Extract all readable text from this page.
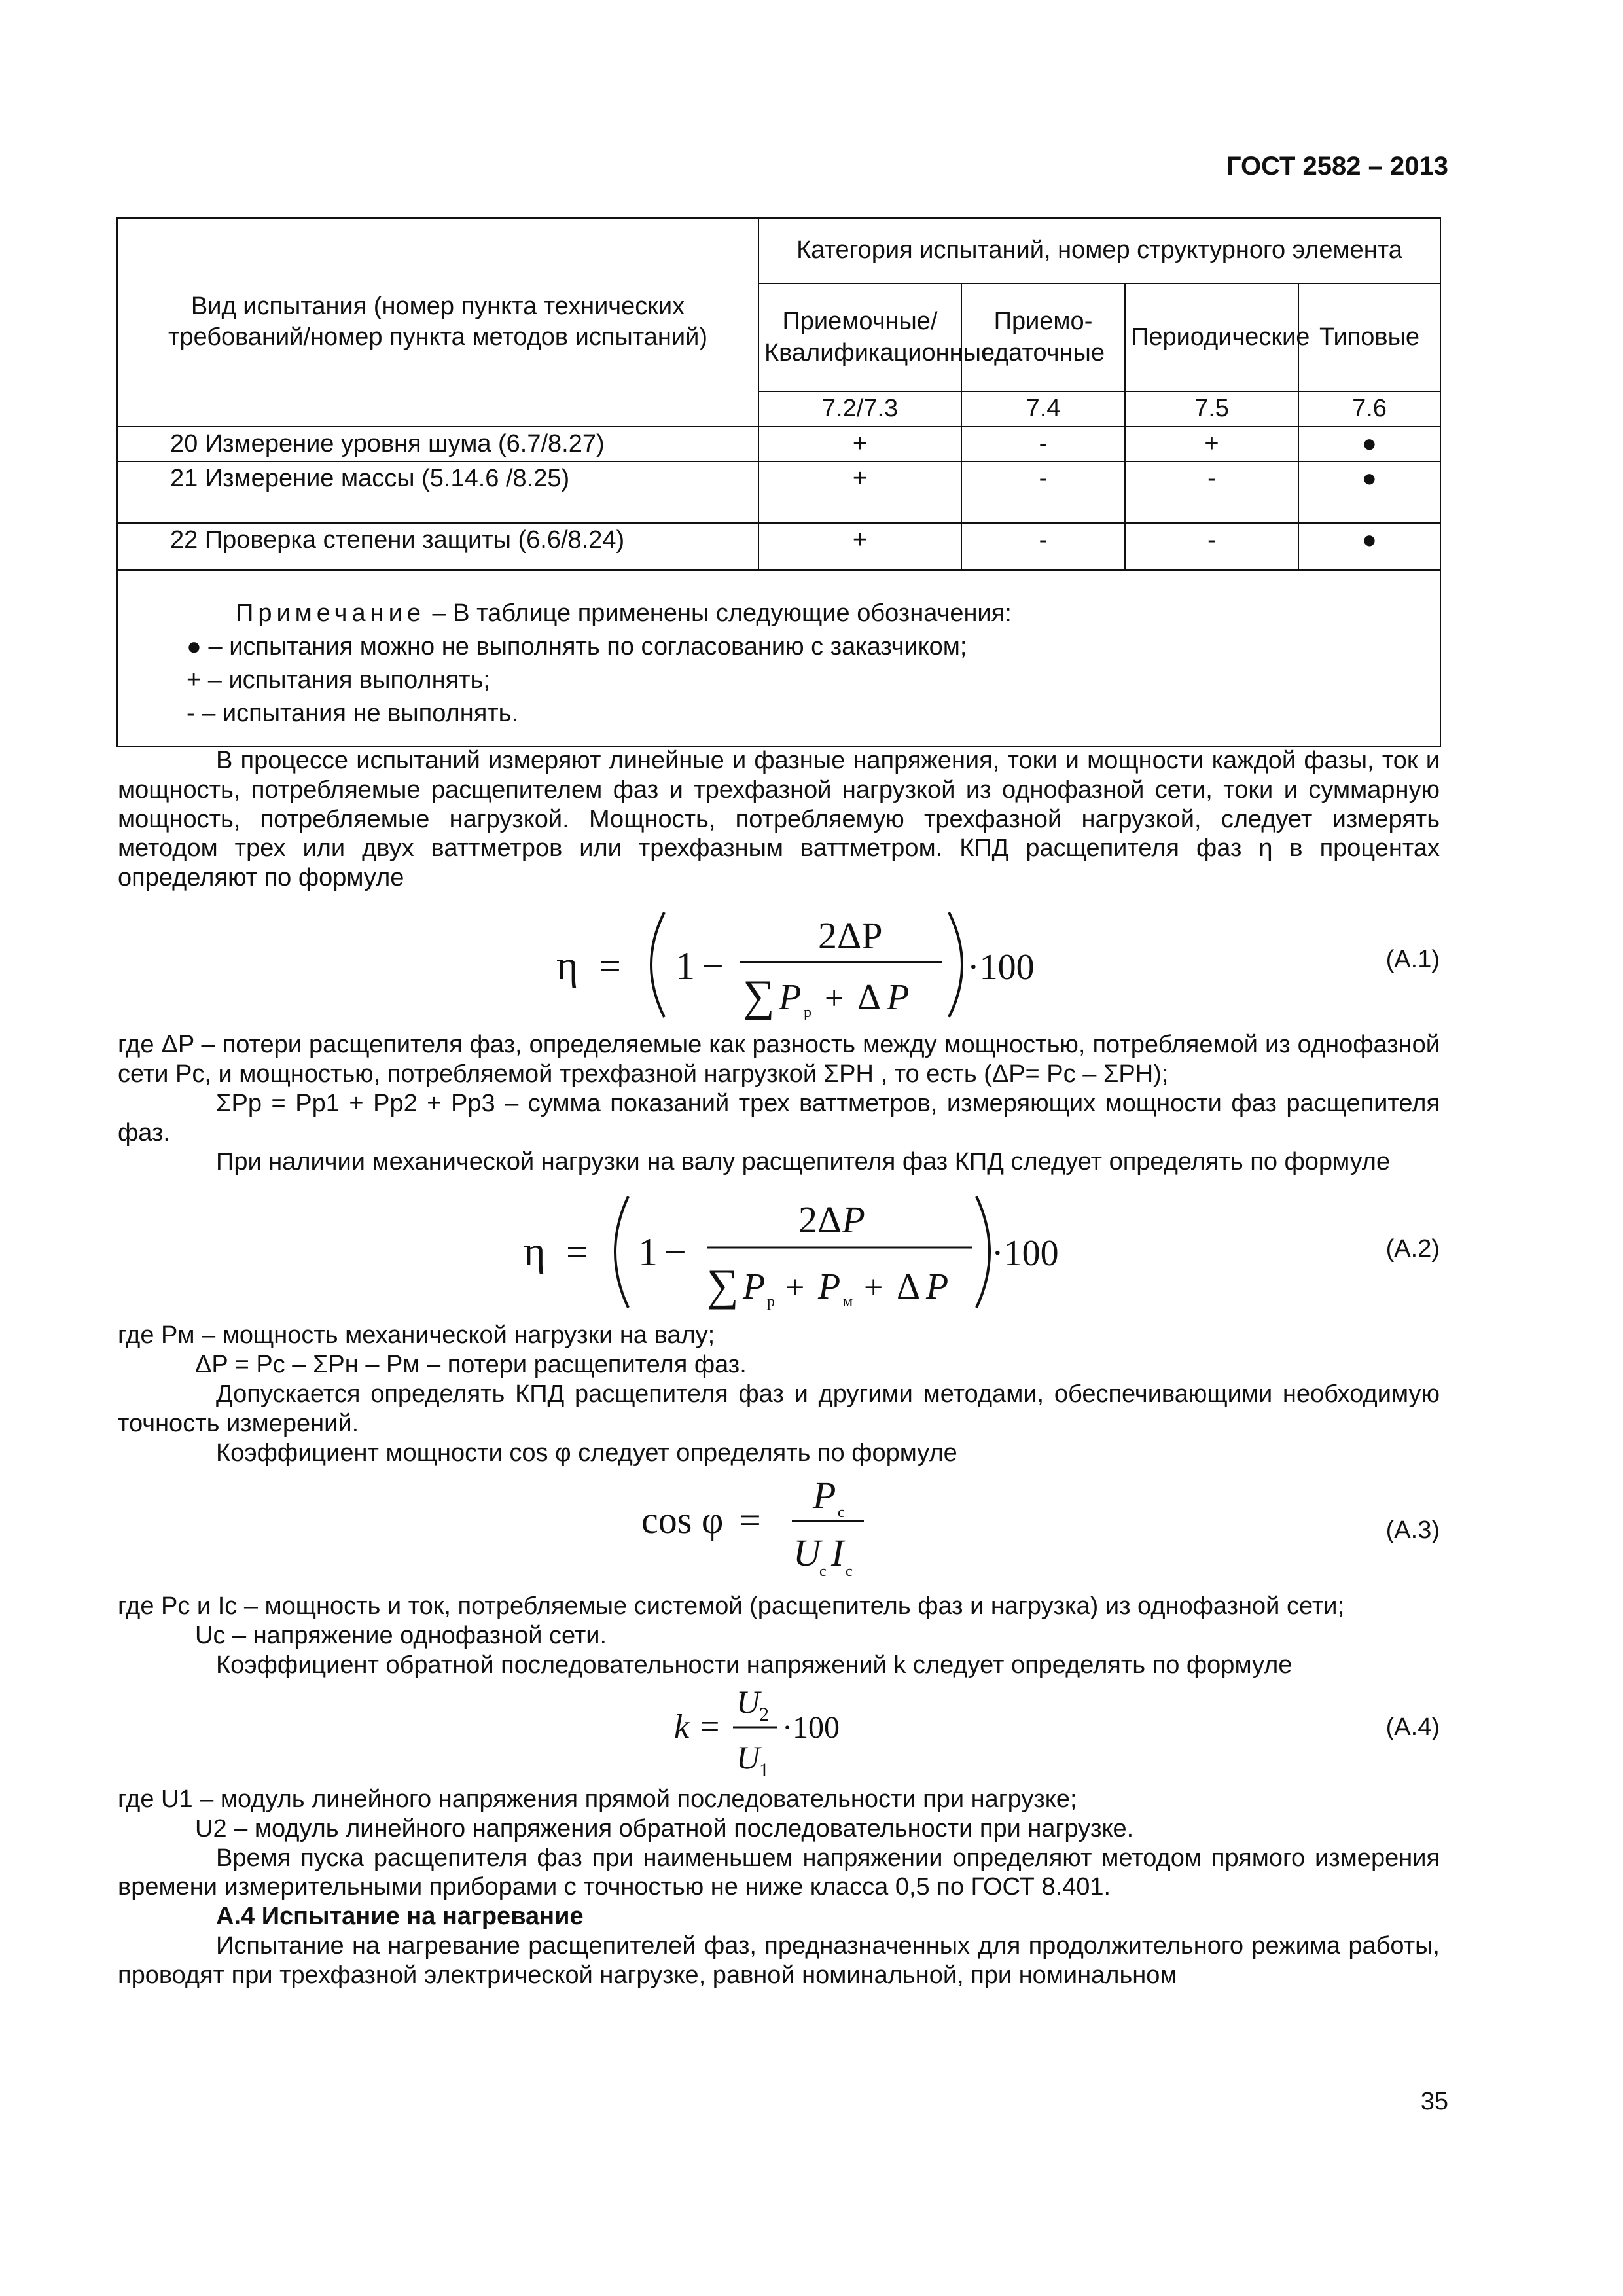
ГОСТ 2582 – 2013
Вид испытания (номер пункта технических требований/номер пункта методов испытаний)	Категория испытаний, номер структурного элемента			
	Приемочные/Квалификационные	Приемо-сдаточные	Периодические	Типовые
	7.2/7.3	7.4	7.5	7.6
20 Измерение уровня шума (6.7/8.27)	+	-	+	●
21 Измерение массы (5.14.6 /8.25)	+	-	-	●
22 Проверка степени защиты (6.6/8.24)	+	-	-	●

Примечание – В таблице применены следующие обозначения:
● – испытания можно не выполнять по согласованию с заказчиком;
+ – испытания выполнять;
- – испытания не выполнять.				
В процессе испытаний измеряют линейные и фазные напряжения, токи и мощности каждой фазы, ток и мощность, потребляемые расщепителем фаз и трехфазной нагрузкой из однофазной сети, токи и суммарную мощность, потребляемые нагрузкой. Мощность, потребляемую трехфазной нагрузкой, следует измерять методом трех или двух ваттметров или трехфазным ваттметром. КПД расщепителя фаз η в процентах определяют по формуле
η = 1 −
2ΔP
∑ P р + Δ P
·100	(А.1)
где ΔP – потери расщепителя фаз, определяемые как разность между мощностью, потребляемой из однофазной сети Pс, и мощностью, потребляемой трехфазной нагрузкой ΣPН , то есть (ΔP= Pс – ΣPН);
ΣPр = Pр1 + Pр2 + Pр3 – сумма показаний трех ваттметров, измеряющих мощности фаз расщепителя фаз.
При наличии механической нагрузки на валу расщепителя фаз КПД следует определять по формуле
η = 1 −
2ΔP
∑ P р + P м + Δ P
·100	(А.2)
где Pм – мощность механической нагрузки на валу;
ΔP = Pс – ΣPн – Pм – потери расщепителя фаз.
Допускается определять КПД расщепителя фаз и другими методами, обеспечивающими необходимую точность измерений.
Коэффициент мощности cos φ следует определять по формуле
cos φ =
P с
U
с I с
(А.3)
где Pс и Iс – мощность и ток, потребляемые системой (расщепитель фаз и нагрузка) из однофазной сети;
Uс – напряжение однофазной сети.
Коэффициент обратной последовательности напряжений k следует определять по формуле
k =
U
2
U
1
·100	(А.4)
где U1 – модуль линейного напряжения прямой последовательности при нагрузке;
U2 – модуль линейного напряжения обратной последовательности при нагрузке.
Время пуска расщепителя фаз при наименьшем напряжении определяют методом прямого измерения времени измерительными приборами с точностью не ниже класса 0,5 по ГОСТ 8.401.
А.4 Испытание на нагревание
Испытание на нагревание расщепителей фаз, предназначенных для продолжительного режима работы, проводят при трехфазной электрической нагрузке, равной номинальной, при номинальном
35
